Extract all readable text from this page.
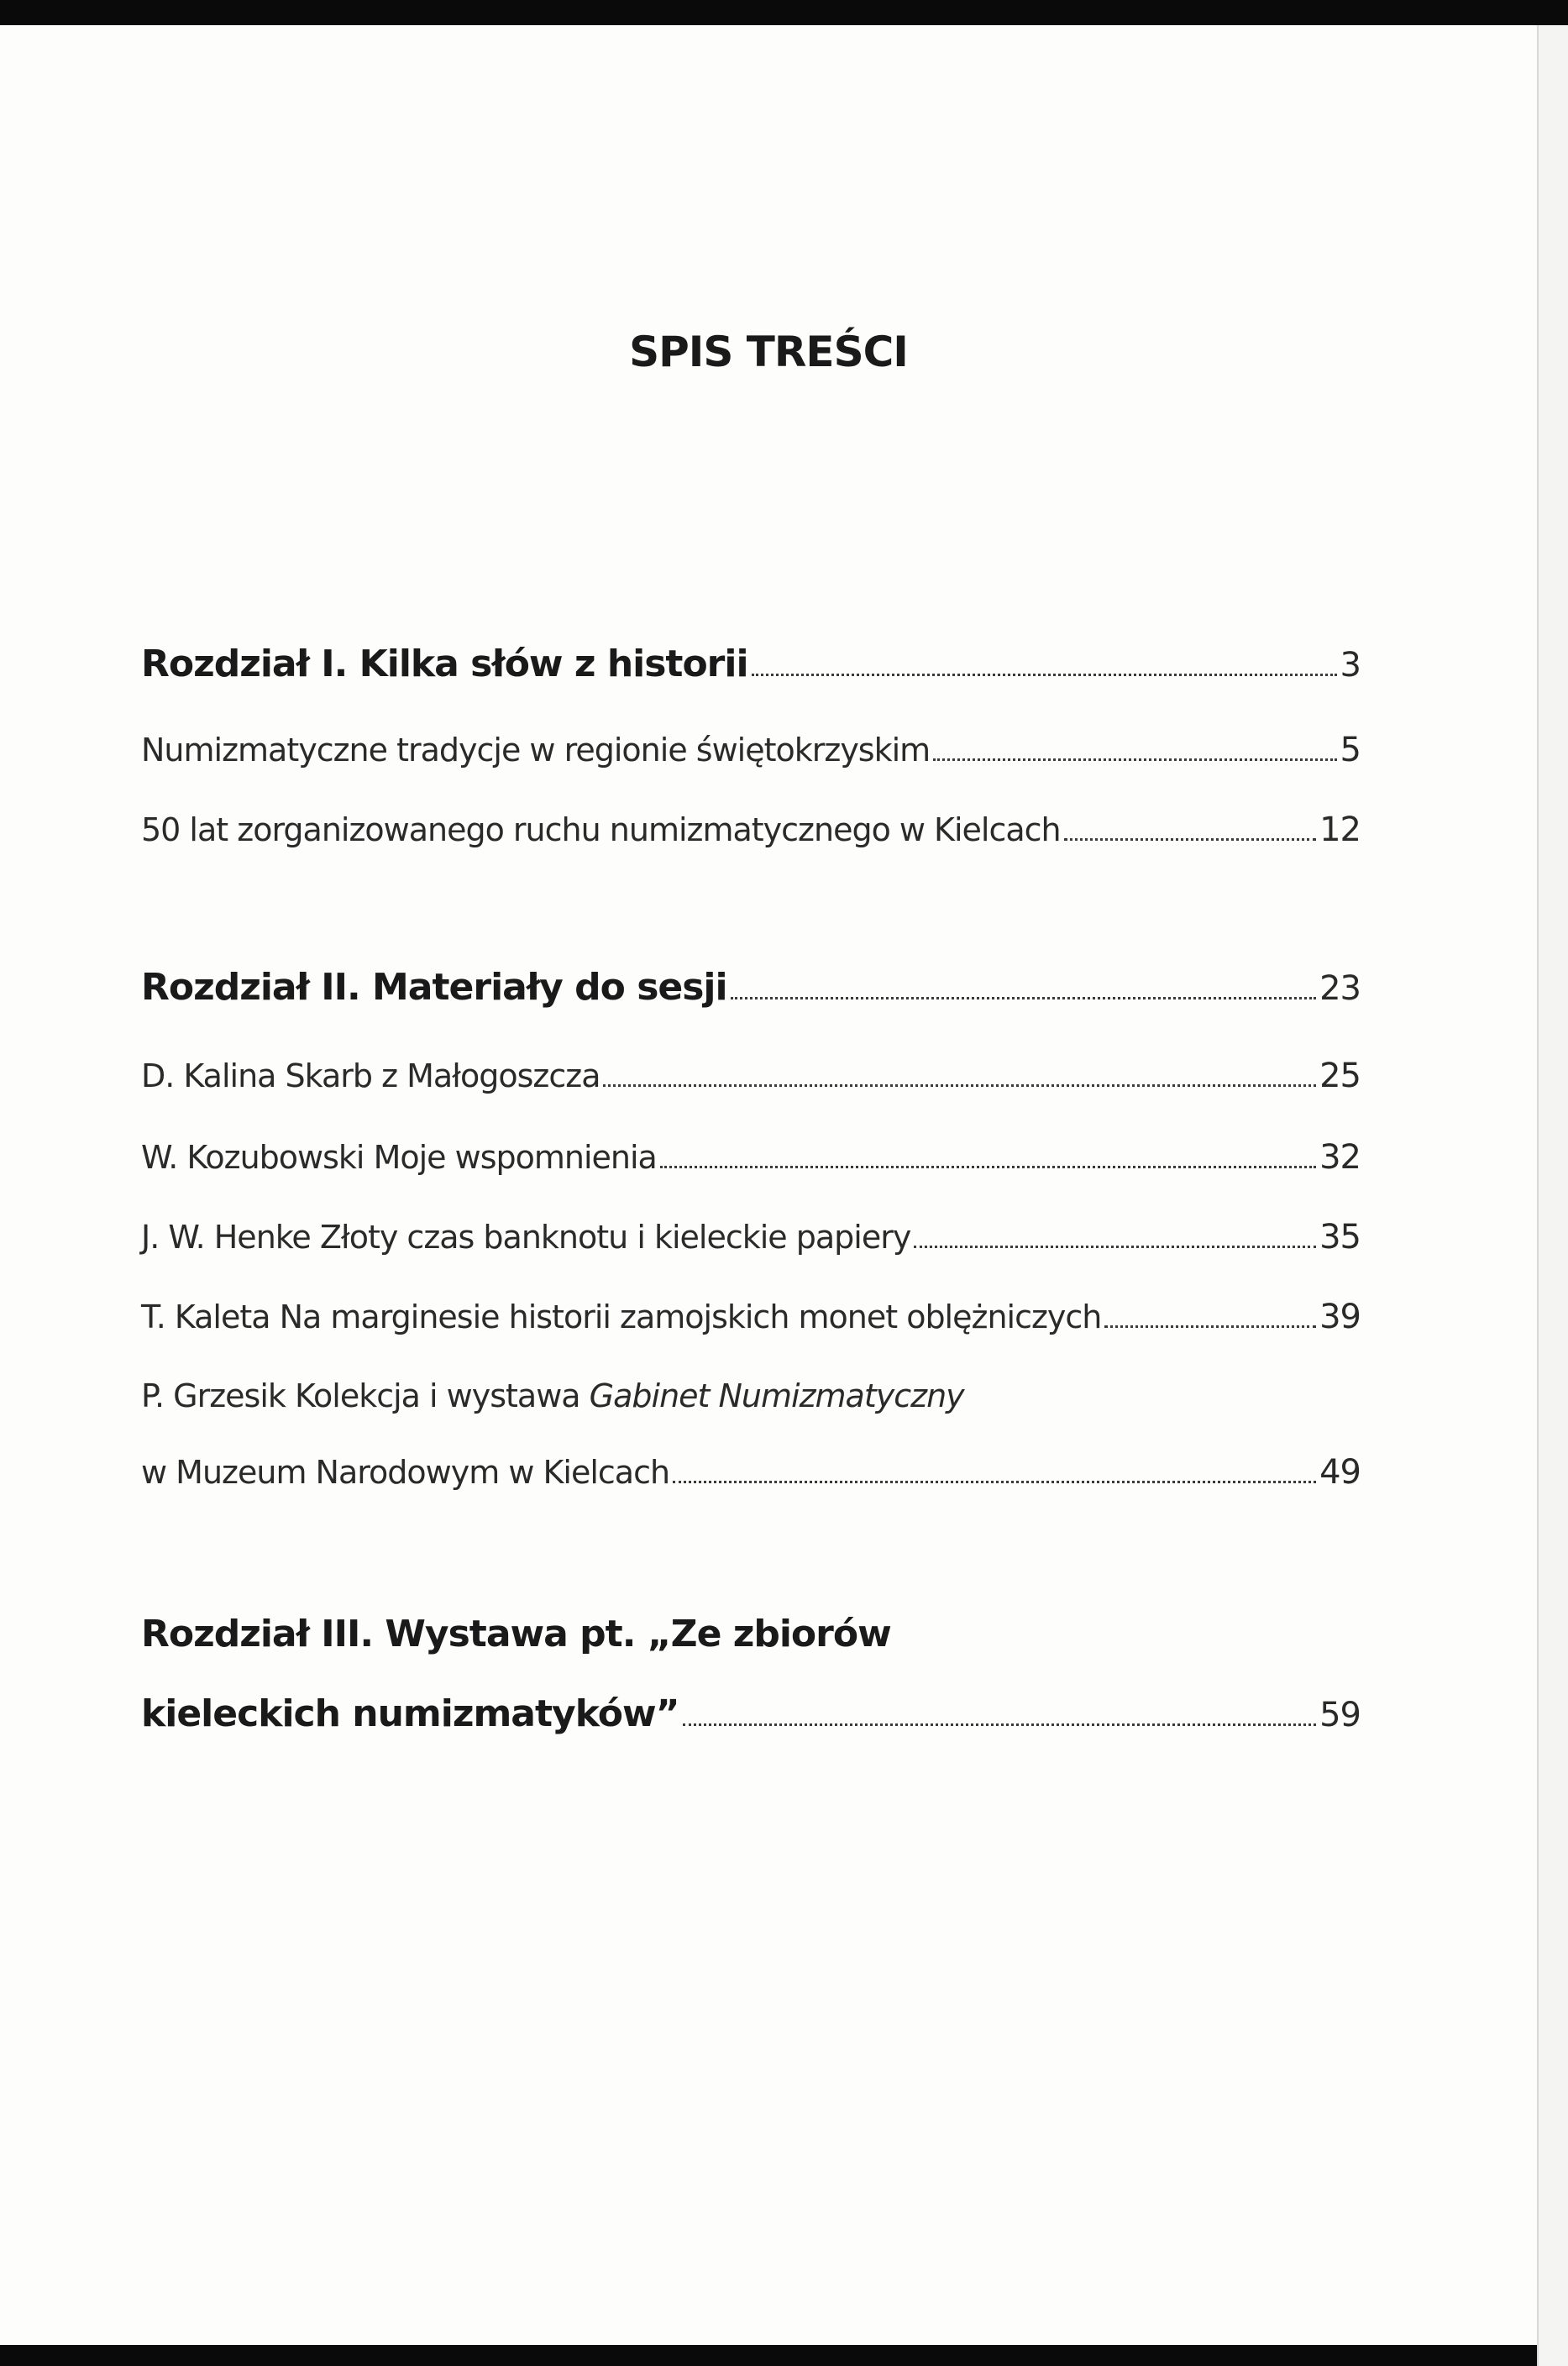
SPIS TREŚCI
Rozdział I. Kilka słów z historii	3
Numizmatyczne tradycje w regionie świętokrzyskim	5
50 lat zorganizowanego ruchu numizmatycznego w Kielcach	12
Rozdział II. Materiały do sesji	23
D. Kalina Skarb z Małogoszcza	25
W. Kozubowski Moje wspomnienia	32
J. W. Henke Złoty czas banknotu i kieleckie papiery	35
T. Kaleta Na marginesie historii zamojskich monet oblężniczych	39
P. Grzesik Kolekcja i wystawa Gabinet Numizmatyczny
w Muzeum Narodowym w Kielcach	49
Rozdział III. Wystawa pt. „Ze zbiorów
kieleckich numizmatyków”	59
